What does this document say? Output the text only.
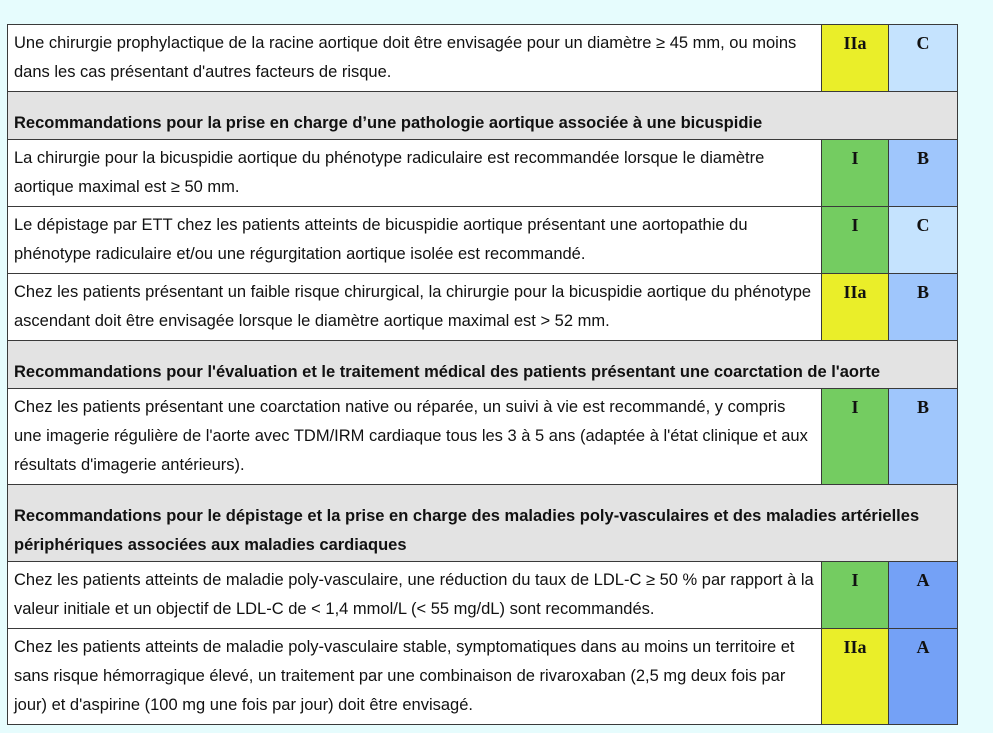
Une chirurgie prophylactique de la racine aortique doit être envisagée pour un diamètre ≥ 45 mm, ou moins dans les cas présentant d'autres facteurs de risque.	IIa	C
Recommandations pour la prise en charge d’une pathologie aortique associée à une bicuspidie		
La chirurgie pour la bicuspidie aortique du phénotype radiculaire est recommandée lorsque le diamètre aortique maximal est ≥ 50 mm.	I	B
Le dépistage par ETT chez les patients atteints de bicuspidie aortique présentant une aortopathie du phénotype radiculaire et/ou une régurgitation aortique isolée est recommandé.	I	C
Chez les patients présentant un faible risque chirurgical, la chirurgie pour la bicuspidie aortique du phénotype ascendant doit être envisagée lorsque le diamètre aortique maximal est > 52 mm.	IIa	B
Recommandations pour l'évaluation et le traitement médical des patients présentant une coarctation de l'aorte		
Chez les patients présentant une coarctation native ou réparée, un suivi à vie est recommandé, y compris une imagerie régulière de l'aorte avec TDM/IRM cardiaque tous les 3 à 5 ans (adaptée à l'état clinique et aux résultats d'imagerie antérieurs).	I	B
Recommandations pour le dépistage et la prise en charge des maladies poly-vasculaires et des maladies artérielles périphériques associées aux maladies cardiaques		
Chez les patients atteints de maladie poly-vasculaire, une réduction du taux de LDL-C ≥ 50 % par rapport à la valeur initiale et un objectif de LDL-C de < 1,4 mmol/L (< 55 mg/dL) sont recommandés.	I	A
Chez les patients atteints de maladie poly-vasculaire stable, symptomatiques dans au moins un territoire et sans risque hémorragique élevé, un traitement par une combinaison de rivaroxaban (2,5 mg deux fois par jour) et d'aspirine (100 mg une fois par jour) doit être envisagé.	IIa	A
